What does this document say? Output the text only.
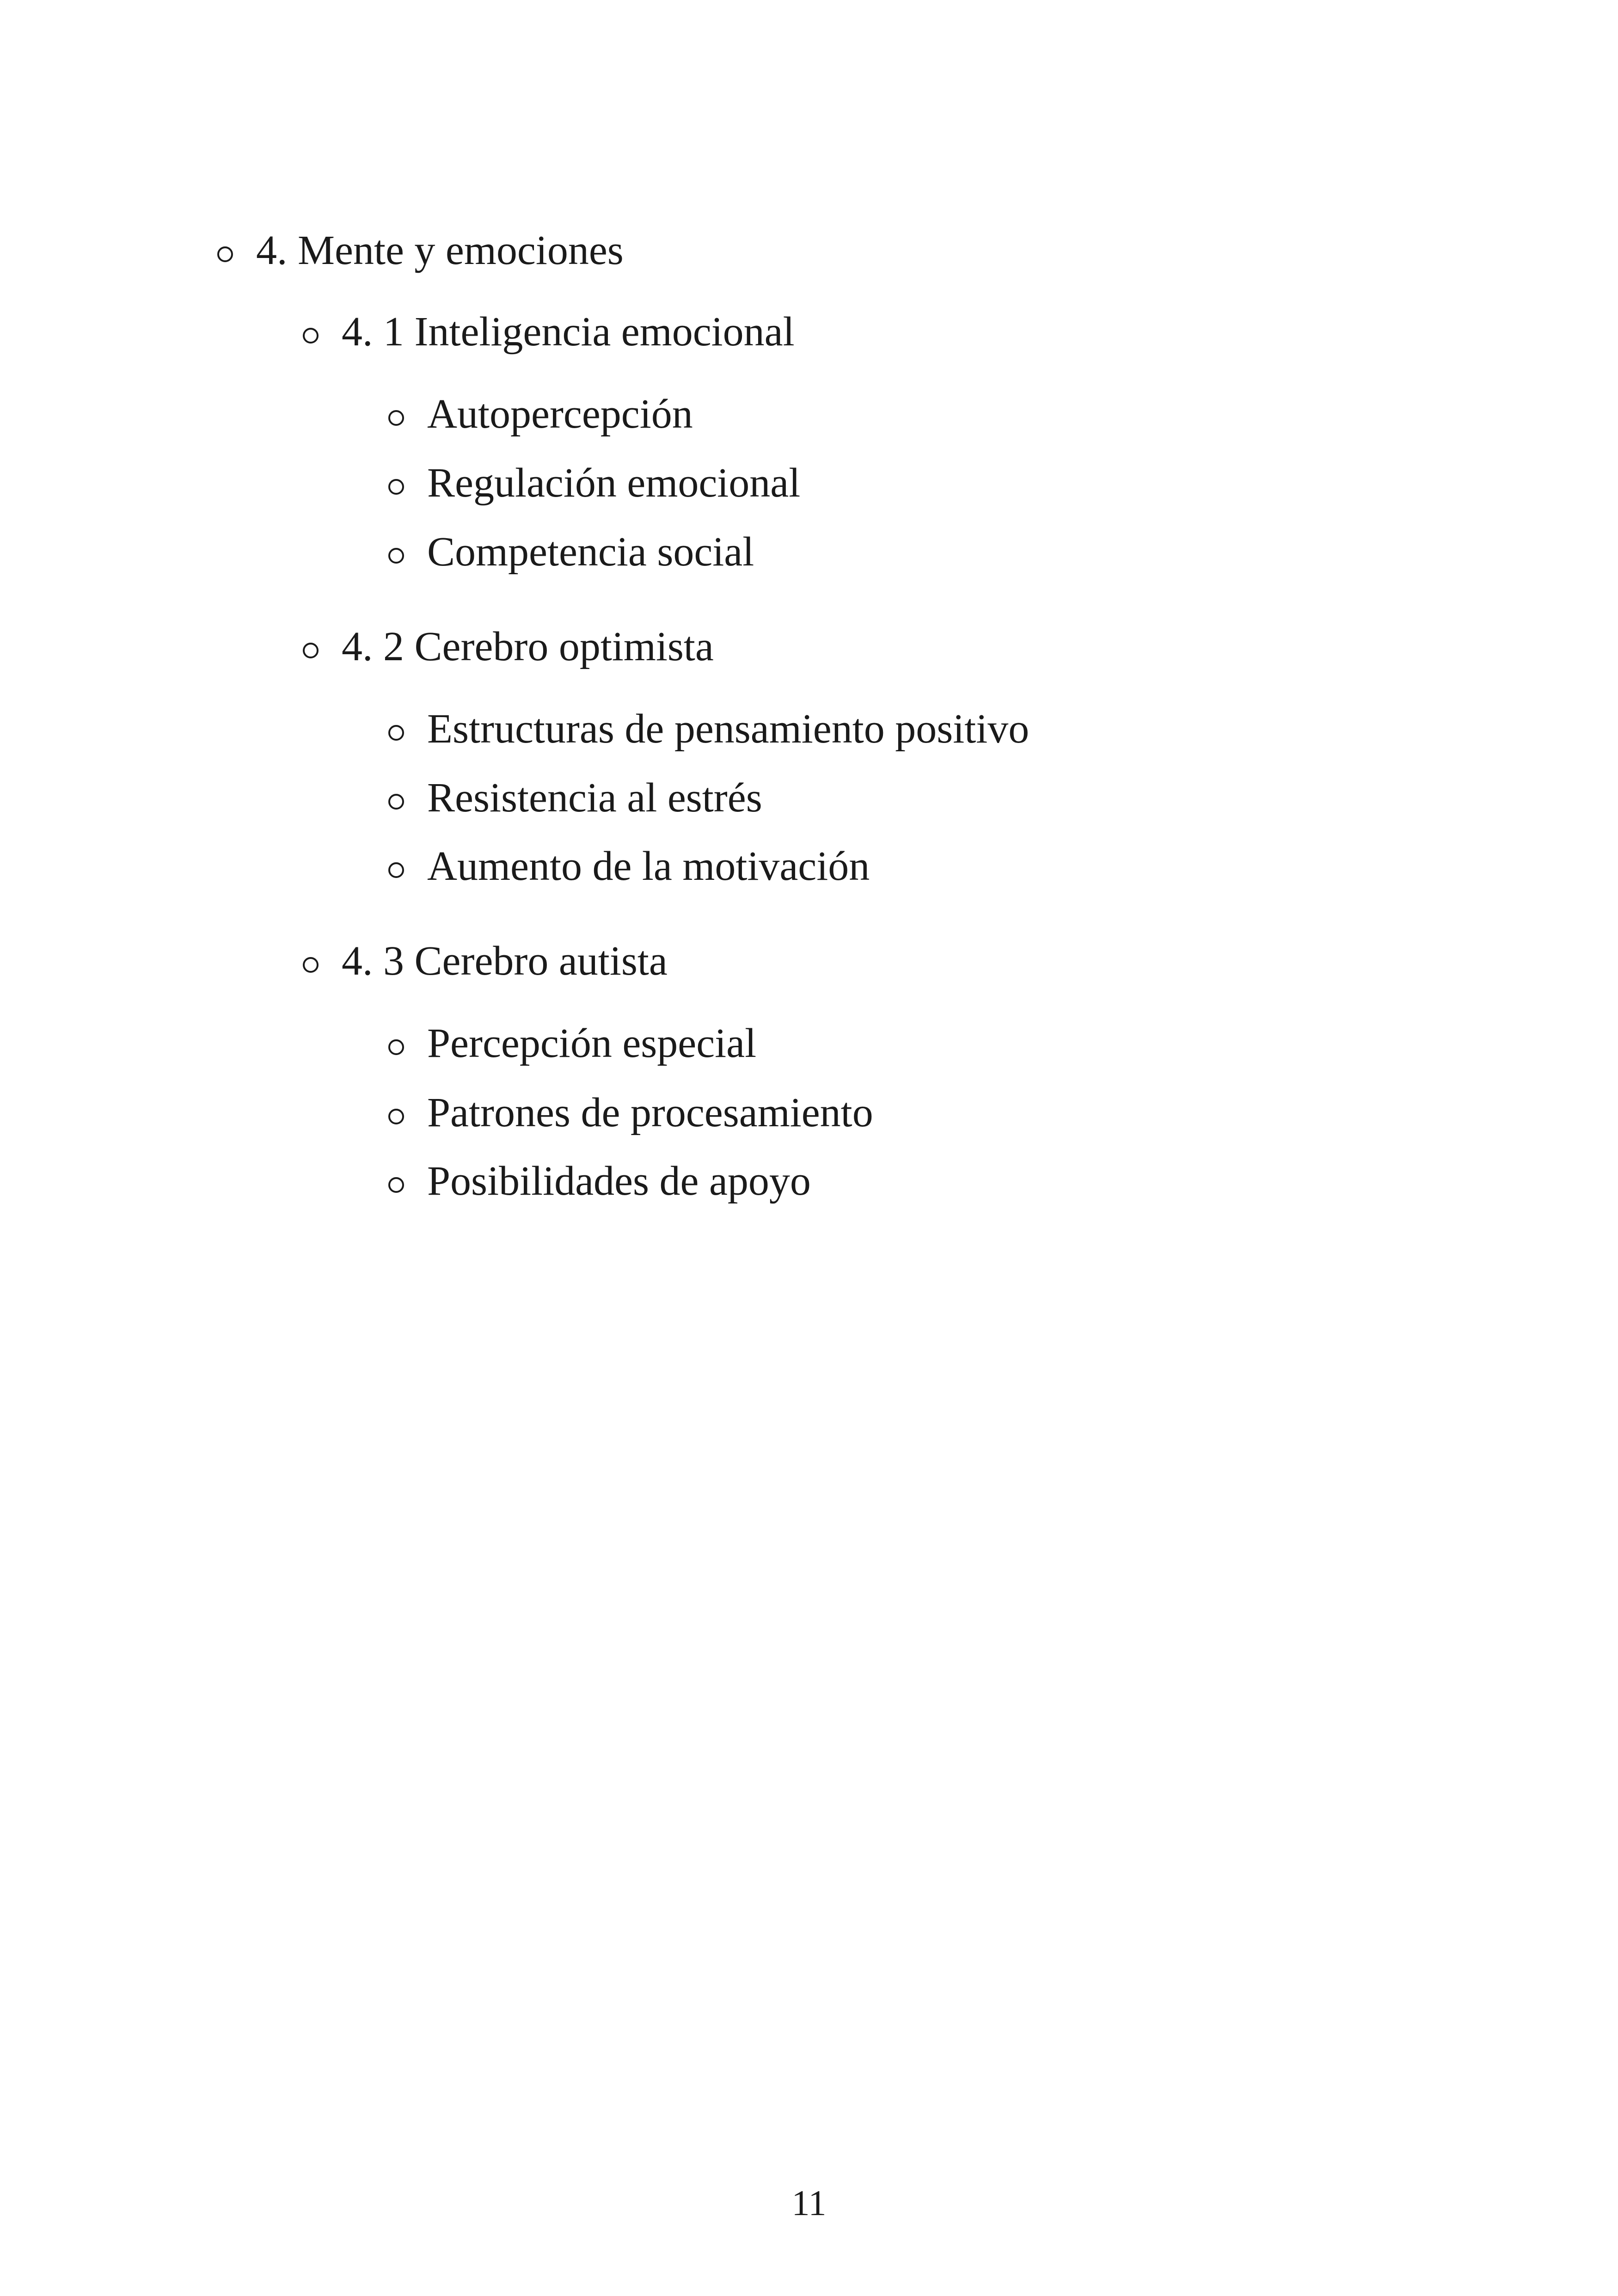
4. Mente y emociones
4. 1 Inteligencia emocional
Autopercepción
Regulación emocional
Competencia social
4. 2 Cerebro optimista
Estructuras de pensamiento positivo
Resistencia al estrés
Aumento de la motivación
4. 3 Cerebro autista
Percepción especial
Patrones de procesamiento
Posibilidades de apoyo
11
